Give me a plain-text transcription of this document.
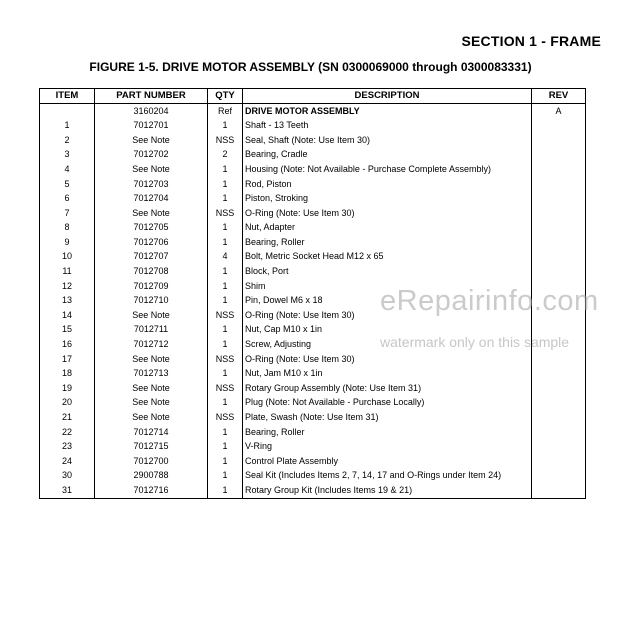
SECTION 1 - FRAME
FIGURE 1-5. DRIVE MOTOR ASSEMBLY (SN 0300069000 through 0300083331)
ITEM	PART NUMBER	QTY	DESCRIPTION	REV
	3160204	Ref	DRIVE MOTOR ASSEMBLY	A
1	7012701	1	Shaft - 13 Teeth	
2	See Note	NSS	Seal, Shaft (Note: Use Item 30)	
3	7012702	2	Bearing, Cradle	
4	See Note	1	Housing (Note: Not Available - Purchase Complete Assembly)	
5	7012703	1	Rod, Piston	
6	7012704	1	Piston, Stroking	
7	See Note	NSS	O-Ring (Note: Use Item 30)	
8	7012705	1	Nut, Adapter	
9	7012706	1	Bearing, Roller	
10	7012707	4	Bolt, Metric Socket Head M12 x 65	
11	7012708	1	Block, Port	
12	7012709	1	Shim	
13	7012710	1	Pin, Dowel M6 x 18	
14	See Note	NSS	O-Ring (Note: Use Item 30)	
15	7012711	1	Nut, Cap M10 x 1in	
16	7012712	1	Screw, Adjusting	
17	See Note	NSS	O-Ring (Note: Use Item 30)	
18	7012713	1	Nut, Jam M10 x 1in	
19	See Note	NSS	Rotary Group Assembly (Note: Use Item 31)	
20	See Note	1	Plug (Note: Not Available - Purchase Locally)	
21	See Note	NSS	Plate, Swash (Note: Use Item 31)	
22	7012714	1	Bearing, Roller	
23	7012715	1	V-Ring	
24	7012700	1	Control Plate Assembly	
30	2900788	1	Seal Kit (Includes Items 2, 7, 14, 17 and O-Rings under Item 24)	
31	7012716	1	Rotary Group Kit (Includes Items 19 & 21)	
eRepairinfo.com
watermark only on this sample
